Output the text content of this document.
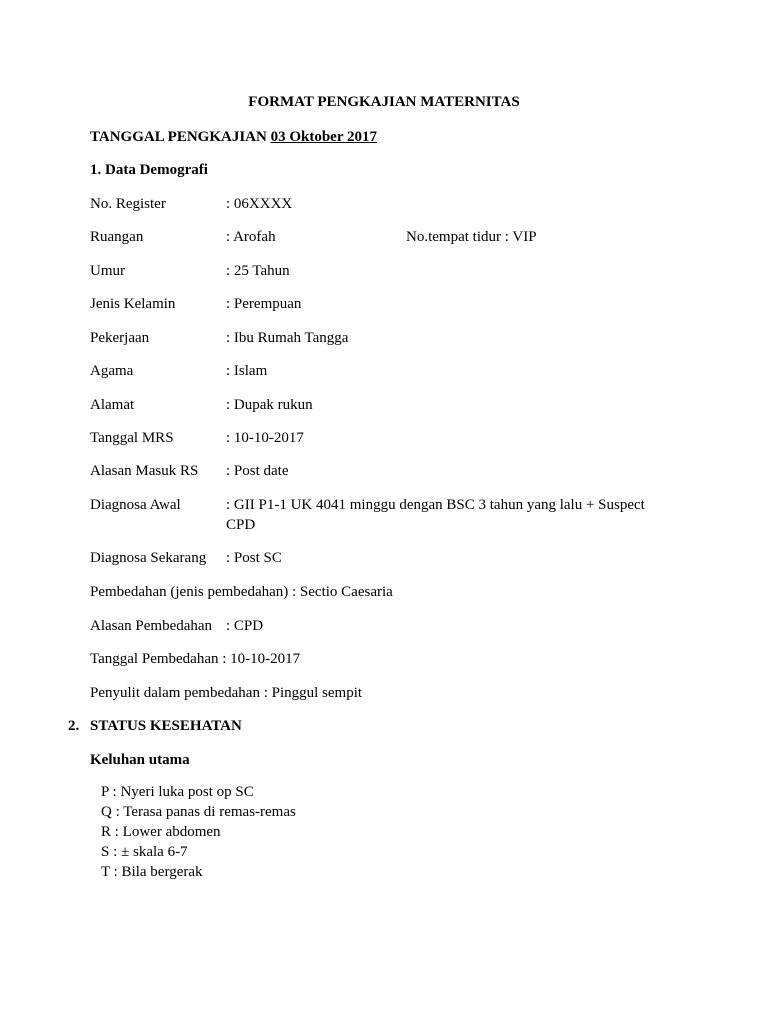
FORMAT PENGKAJIAN MATERNITAS
TANGGAL PENGKAJIAN 03 Oktober 2017
1. Data Demografi
No. Register	: 06XXXX
Ruangan	: Arofah	No.tempat tidur : VIP
Umur	: 25 Tahun
Jenis Kelamin	: Perempuan
Pekerjaan	: Ibu Rumah Tangga
Agama	: Islam
Alamat	: Dupak rukun
Tanggal MRS	: 10-10-2017
Alasan Masuk RS : Post date
Diagnosa Awal	: GII P1-1 UK 4041 minggu dengan BSC 3 tahun yang lalu + Suspect CPD
Diagnosa Sekarang : Post SC
Pembedahan (jenis pembedahan) : Sectio Caesaria
Alasan Pembedahan : CPD
Tanggal Pembedahan : 10-10-2017
Penyulit dalam pembedahan : Pinggul sempit
2. STATUS KESEHATAN
Keluhan utama
P : Nyeri luka post op SC
Q : Terasa panas di remas-remas
R : Lower abdomen
S : ± skala 6-7
T : Bila bergerak
